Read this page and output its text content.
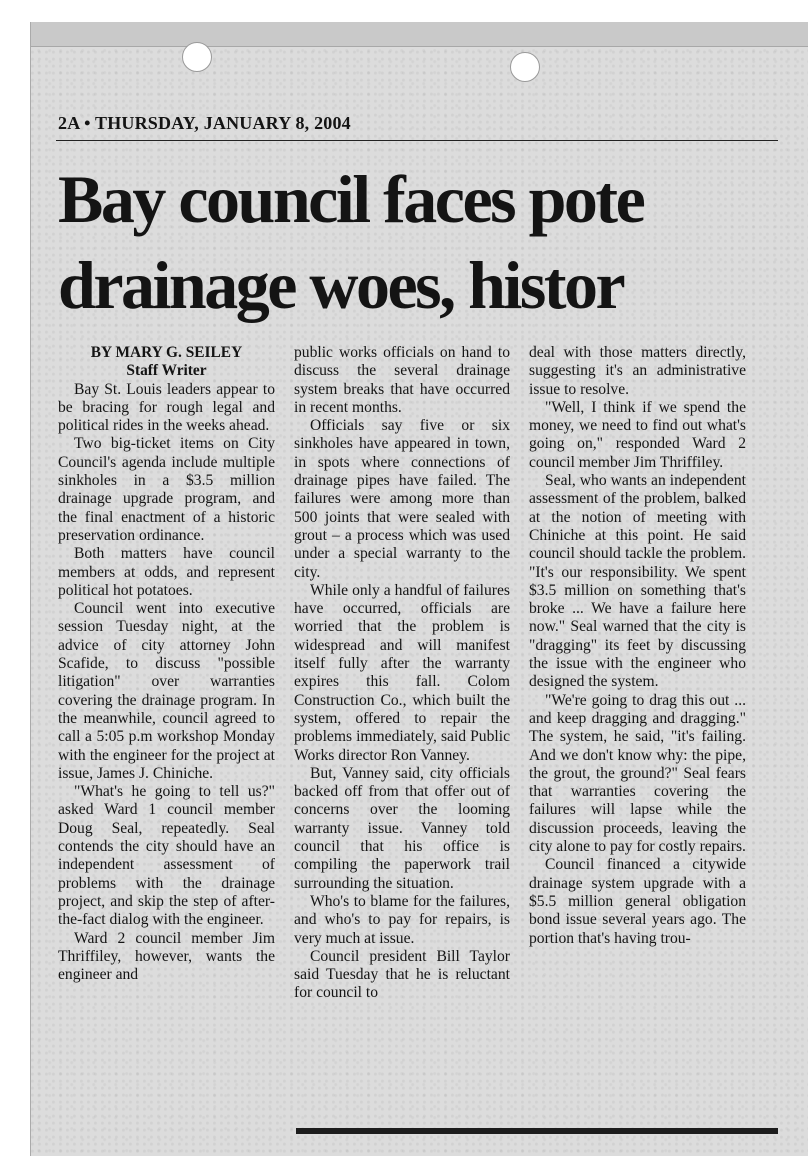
2A • THURSDAY, JANUARY 8, 2004
Bay council faces pote
drainage woes, histor
BY MARY G. SEILEY
Staff Writer

Bay St. Louis leaders appear to be bracing for rough legal and political rides in the weeks ahead.

Two big-ticket items on City Council's agenda include multiple sinkholes in a $3.5 million drainage upgrade program, and the final enactment of a historic preservation ordinance.

Both matters have council members at odds, and represent political hot potatoes.

Council went into executive session Tuesday night, at the advice of city attorney John Scafide, to discuss "possible litigation" over warranties covering the drainage program. In the meanwhile, council agreed to call a 5:05 p.m workshop Monday with the engineer for the project at issue, James J. Chiniche.

"What's he going to tell us?" asked Ward 1 council member Doug Seal, repeatedly. Seal contends the city should have an independent assessment of problems with the drainage project, and skip the step of after-the-fact dialog with the engineer.

Ward 2 council member Jim Thriffiley, however, wants the engineer and

public works officials on hand to discuss the several drainage system breaks that have occurred in recent months.

Officials say five or six sinkholes have appeared in town, in spots where connections of drainage pipes have failed. The failures were among more than 500 joints that were sealed with grout – a process which was used under a special warranty to the city.

While only a handful of failures have occurred, officials are worried that the problem is widespread and will manifest itself fully after the warranty expires this fall. Colom Construction Co., which built the system, offered to repair the problems immediately, said Public Works director Ron Vanney.

But, Vanney said, city officials backed off from that offer out of concerns over the looming warranty issue. Vanney told council that his office is compiling the paperwork trail surrounding the situation.

Who's to blame for the failures, and who's to pay for repairs, is very much at issue.

Council president Bill Taylor said Tuesday that he is reluctant for council to

deal with those matters directly, suggesting it's an administrative issue to resolve.

"Well, I think if we spend the money, we need to find out what's going on," responded Ward 2 council member Jim Thriffiley.

Seal, who wants an independent assessment of the problem, balked at the notion of meeting with Chiniche at this point. He said council should tackle the problem. "It's our responsibility. We spent $3.5 million on something that's broke ... We have a failure here now." Seal warned that the city is "dragging" its feet by discussing the issue with the engineer who designed the system.

"We're going to drag this out ... and keep dragging and dragging." The system, he said, "it's failing. And we don't know why: the pipe, the grout, the ground?" Seal fears that warranties covering the failures will lapse while the discussion proceeds, leaving the city alone to pay for costly repairs.

Council financed a citywide drainage system upgrade with a $5.5 million general obligation bond issue several years ago. The portion that's having trou-
